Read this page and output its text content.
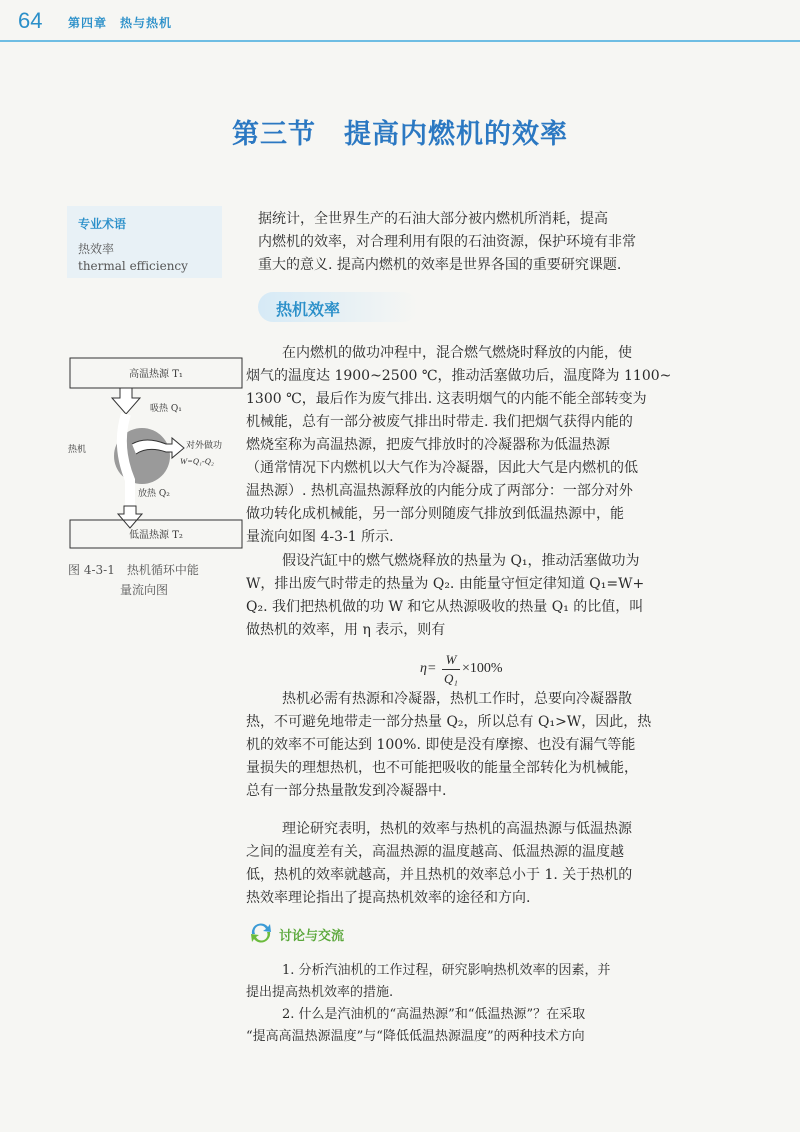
64 第四章　热与热机
第三节　提高内燃机的效率
专业术语
热效率
thermal efficiency
据统计，全世界生产的石油大部分被内燃机所消耗，提高
内燃机的效率，对合理利用有限的石油资源，保护环境有非常
重大的意义. 提高内燃机的效率是世界各国的重要研究课题.
热机效率
在内燃机的做功冲程中，混合燃气燃烧时释放的内能，使
烟气的温度达 1900~2500 ℃，推动活塞做功后，温度降为 1100~
1300 ℃，最后作为废气排出. 这表明烟气的内能不能全部转变为
机械能，总有一部分被废气排出时带走. 我们把烟气获得内能的
燃烧室称为高温热源，把废气排放时的冷凝器称为低温热源
（通常情况下内燃机以大气作为冷凝器，因此大气是内燃机的低
温热源）. 热机高温热源释放的内能分成了两部分：一部分对外
做功转化成机械能，另一部分则随废气排放到低温热源中，能
量流向如图 4-3-1 所示.
高温热源 T₁
低温热源 T₂
吸热 Q₁
热机	对外做功
W=Q₁-Q₂
放热 Q₂
图 4-3-1　热机循环中能
量流向图
假设汽缸中的燃气燃烧释放的热量为 Q₁，推动活塞做功为
W，排出废气时带走的热量为 Q₂. 由能量守恒定律知道 Q₁=W+
Q₂. 我们把热机做的功 W 和它从热源吸收的热量 Q₁ 的比值，叫
做热机的效率，用 η 表示，则有
η=
W
Q₁
×100%
热机必需有热源和冷凝器，热机工作时，总要向冷凝器散
热，不可避免地带走一部分热量 Q₂，所以总有 Q₁>W，因此，热
机的效率不可能达到 100%. 即使是没有摩擦、也没有漏气等能
量损失的理想热机，也不可能把吸收的能量全部转化为机械能，
总有一部分热量散发到冷凝器中.
理论研究表明，热机的效率与热机的高温热源与低温热源
之间的温度差有关，高温热源的温度越高、低温热源的温度越
低，热机的效率就越高，并且热机的效率总小于 1. 关于热机的
热效率理论指出了提高热机效率的途径和方向.
讨论与交流
1. 分析汽油机的工作过程，研究影响热机效率的因素，并
提出提高热机效率的措施.
2. 什么是汽油机的“高温热源”和“低温热源”？在采取
“提高高温热源温度”与“降低低温热源温度”的两种技术方向
